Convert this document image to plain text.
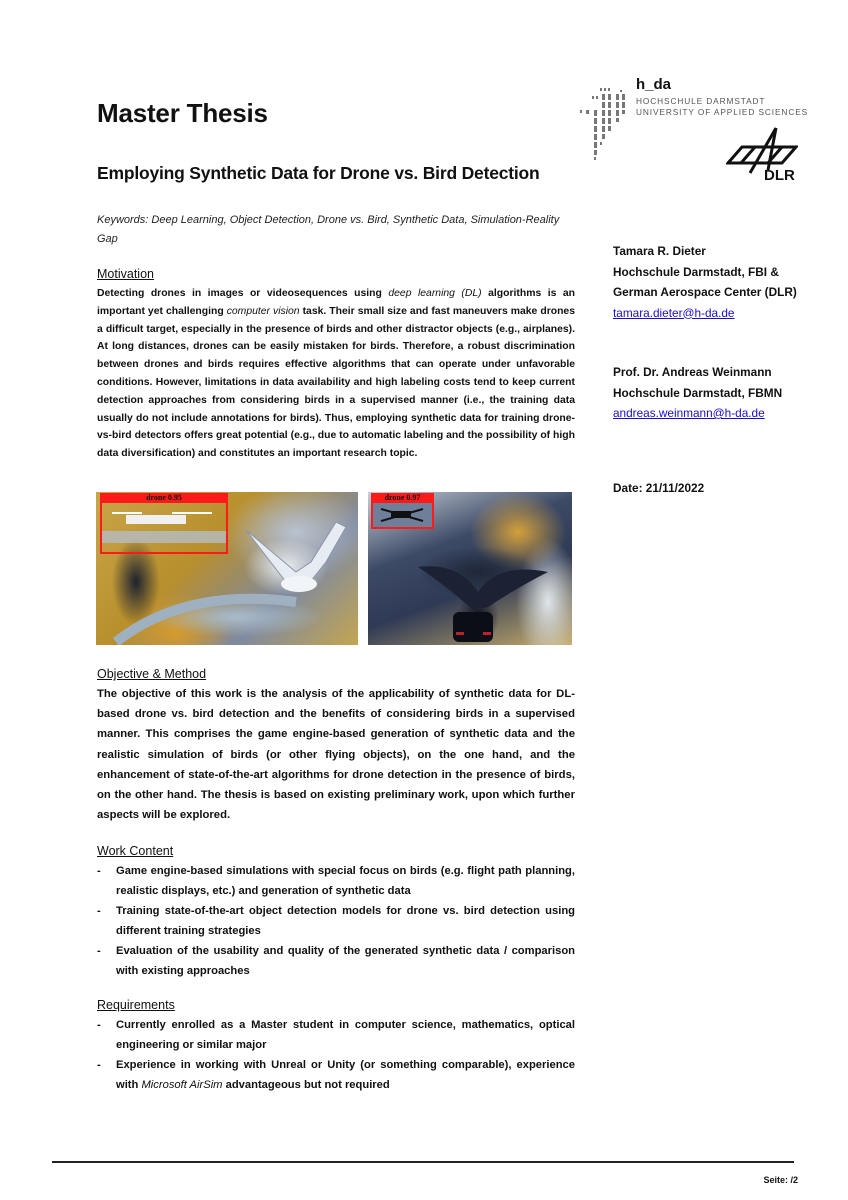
h_da
HOCHSCHULE DARMSTADT
UNIVERSITY OF APPLIED SCIENCES
DLR
Master Thesis
Employing Synthetic Data for Drone vs. Bird Detection
Keywords: Deep Learning, Object Detection, Drone vs. Bird, Synthetic Data, Simulation-Reality Gap
Tamara R. Dieter
Hochschule Darmstadt, FBI &
German Aerospace Center (DLR)
tamara.dieter@h-da.de
Prof. Dr. Andreas Weinmann
Hochschule Darmstadt, FBMN
andreas.weinmann@h-da.de
Date: 21/11/2022
Motivation
Detecting drones in images or videosequences using deep learning (DL) algorithms is an important yet challenging computer vision task. Their small size and fast maneuvers make drones a difficult target, especially in the presence of birds and other distractor objects (e.g., airplanes). At long distances, drones can be easily mistaken for birds. Therefore, a robust discrimination between drones and birds requires effective algorithms that can operate under unfavorable conditions. However, limitations in data availability and high labeling costs tend to keep current detection approaches from considering birds in a supervised manner (i.e., the training data usually do not include annotations for birds). Thus, employing synthetic data for training drone-vs-bird detectors offers great potential (e.g., due to automatic labeling and the possibility of high data diversification) and constitutes an important research topic.
drone 0.95	drone 0.97
Objective & Method
The objective of this work is the analysis of the applicability of synthetic data for DL-based drone vs. bird detection and the benefits of considering birds in a supervised manner. This comprises the game engine-based generation of synthetic data and the realistic simulation of birds (or other flying objects), on the one hand, and the enhancement of state-of-the-art algorithms for drone detection in the presence of birds, on the other hand. The thesis is based on existing preliminary work, upon which further aspects will be explored.
Work Content
- Game engine-based simulations with special focus on birds (e.g. flight path planning, realistic displays, etc.) and generation of synthetic data
- Training state-of-the-art object detection models for drone vs. bird detection using different training strategies
- Evaluation of the usability and quality of the generated synthetic data / comparison with existing approaches
Requirements
- Currently enrolled as a Master student in computer science, mathematics, optical engineering or similar major
- Experience in working with Unreal or Unity (or something comparable), experience with Microsoft AirSim advantageous but not required
Seite: /2
